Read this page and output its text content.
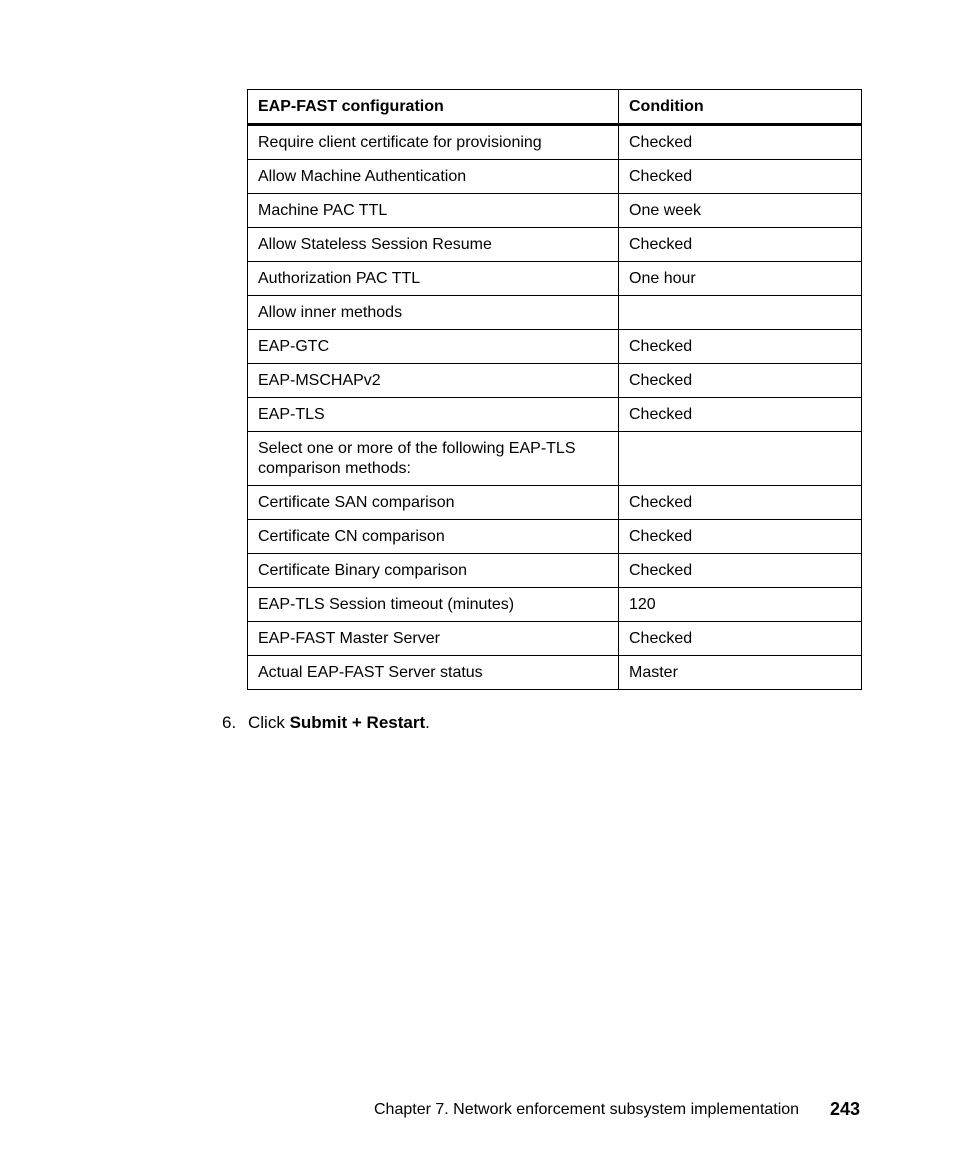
EAP-FAST configuration	Condition
Require client certificate for provisioning	Checked
Allow Machine Authentication	Checked
Machine PAC TTL	One week
Allow Stateless Session Resume	Checked
Authorization PAC TTL	One hour
Allow inner methods	
EAP-GTC	Checked
EAP-MSCHAPv2	Checked
EAP-TLS	Checked
Select one or more of the following EAP-TLS comparison methods:	
Certificate SAN comparison	Checked
Certificate CN comparison	Checked
Certificate Binary comparison	Checked
EAP-TLS Session timeout (minutes)	120
EAP-FAST Master Server	Checked
Actual EAP-FAST Server status	Master
6. Click Submit + Restart.
Chapter 7. Network enforcement subsystem implementation 243
